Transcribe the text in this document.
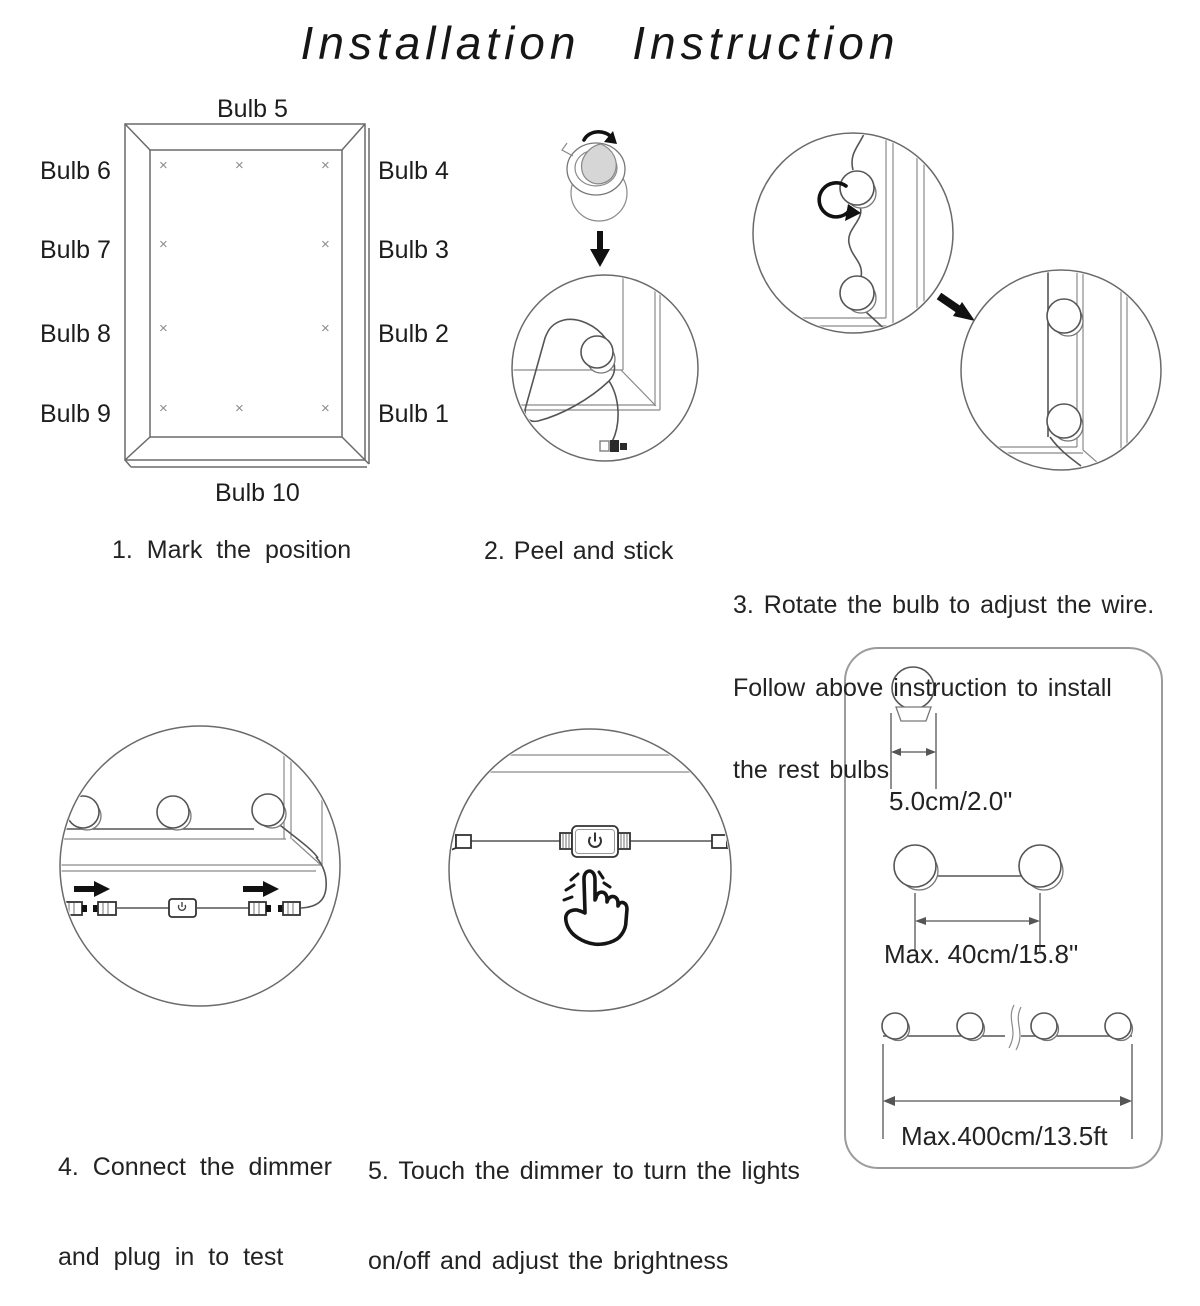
Installation Instruction
Bulb 5
Bulb 6
Bulb 7
Bulb 8
Bulb 9
Bulb 4
Bulb 3
Bulb 2
Bulb 1
Bulb 10
×	×	×
×	×
×	×
×	×	×
1. Mark the position	2. Peel and stick

3. Rotate the bulb to adjust the wire.

Follow above instruction to install

the rest bulbs

4. Connect the dimmer

and plug in to test

5. Touch the dimmer to turn the lights

on/off and adjust the brightness

5.0cm/2.0"
Max. 40cm/15.8"
Max.400cm/13.5ft
